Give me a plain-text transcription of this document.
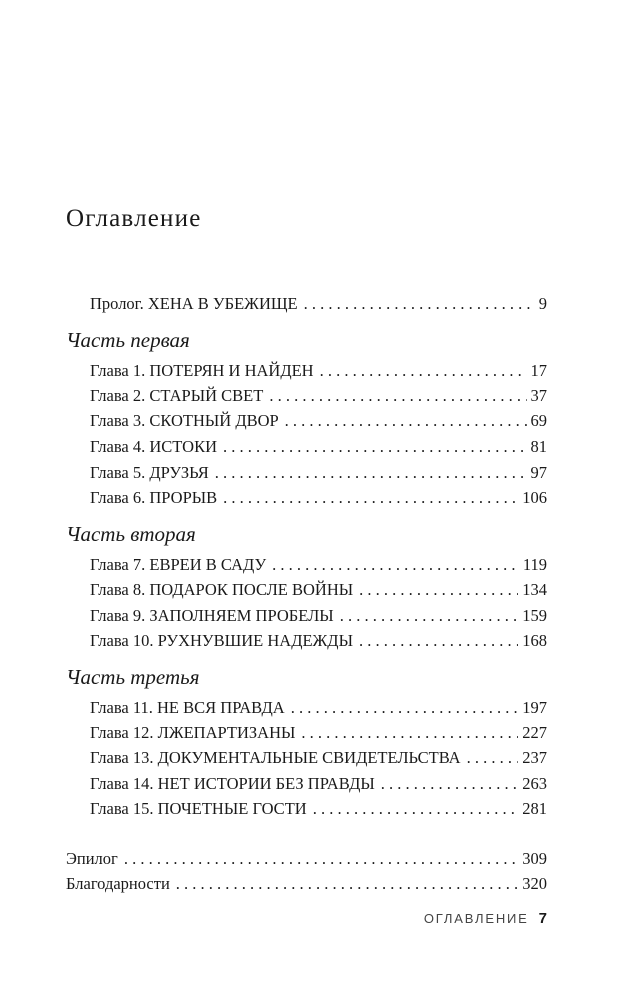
Оглавление
Пролог. ХЕНА В УБЕЖИЩЕ . . .	9
Часть первая
Глава 1. ПОТЕРЯН И НАЙДЕН . . .	17
Глава 2. СТАРЫЙ СВЕТ . . .	37
Глава 3. СКОТНЫЙ ДВОР . . .	69
Глава 4. ИСТОКИ . . .	81
Глава 5. ДРУЗЬЯ . . .	97
Глава 6. ПРОРЫВ . . .	106
Часть вторая
Глава 7. ЕВРЕИ В САДУ . . .	119
Глава 8. ПОДАРОК ПОСЛЕ ВОЙНЫ . . .	134
Глава 9. ЗАПОЛНЯЕМ ПРОБЕЛЫ . . .	159
Глава 10. РУХНУВШИЕ НАДЕЖДЫ . . .	168
Часть третья
Глава 11. НЕ ВСЯ ПРАВДА . . .	197
Глава 12. ЛЖЕПАРТИЗАНЫ . . .	227
Глава 13. ДОКУМЕНТАЛЬНЫЕ СВИДЕТЕЛЬСТВА . . .	237
Глава 14. НЕТ ИСТОРИИ БЕЗ ПРАВДЫ . . .	263
Глава 15. ПОЧЕТНЫЕ ГОСТИ . . .	281
Эпилог . . .	309
Благодарности . . .	320
ОГЛАВЛЕНИЕ 7
